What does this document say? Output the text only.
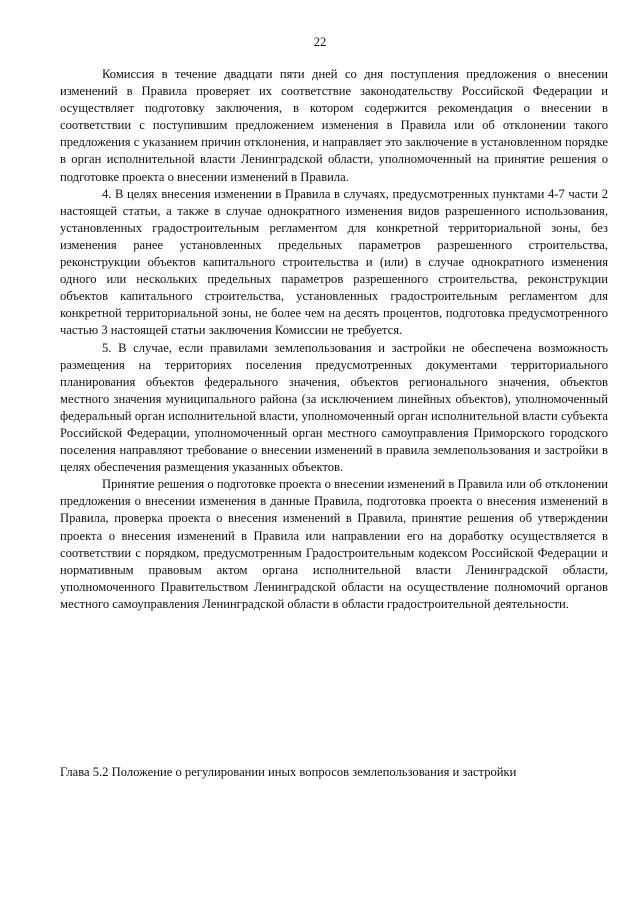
22

Комиссия в течение двадцати пяти дней со дня поступления предложения о внесении изменений в Правила проверяет их соответствие законодательству Российской Федерации и осуществляет подготовку заключения, в котором содержится рекомендация о внесении в соответствии с поступившим предложением изменения в Правила или об отклонении такого предложения с указанием причин отклонения, и направляет это заключение в установленном порядке в орган исполнительной власти Ленинградской области, уполномоченный на принятие решения о подготовке проекта о внесении изменений в Правила.

4. В целях внесения изменении в Правила в случаях, предусмотренных пунктами 4-7 части 2 настоящей статьи, а также в случае однократного изменения видов разрешенного использования, установленных градостроительным регламентом для конкретной территориальной зоны, без изменения ранее установленных предельных параметров разрешенного строительства, реконструкции объектов капитального строительства и (или) в случае однократного изменения одного или нескольких предельных параметров разрешенного строительства, реконструкции объектов капитального строительства, установленных градостроительным регламентом для конкретной территориальной зоны, не более чем на десять процентов, подготовка предусмотренного частью 3 настоящей статьи заключения Комиссии не требуется.

5. В случае, если правилами землепользования и застройки не обеспечена возможность размещения на территориях поселения предусмотренных документами территориального планирования объектов федерального значения, объектов регионального значения, объектов местного значения муниципального района (за исключением линейных объектов), уполномоченный федеральный орган исполнительной власти, уполномоченный орган исполнительной власти субъекта Российской Федерации, уполномоченный орган местного самоуправления Приморского городского поселения направляют требование о внесении изменений в правила землепользования и застройки в целях обеспечения размещения указанных объектов.

Принятие решения о подготовке проекта о внесении изменений в Правила или об отклонении предложения о внесении изменения в данные Правила, подготовка проекта о внесения изменений в Правила, проверка проекта о внесения изменений в Правила, принятие решения об утверждении проекта о внесения изменений в Правила или направлении его на доработку осуществляется в соответствии с порядком, предусмотренным Градостроительным кодексом Российской Федерации и нормативным правовым актом органа исполнительной власти Ленинградской области, уполномоченного Правительством Ленинградской области на осуществление полномочий органов местного самоуправления Ленинградской области в области градостроительной деятельности.

Глава 5.2 Положение о регулировании иных вопросов землепользования и застройки
